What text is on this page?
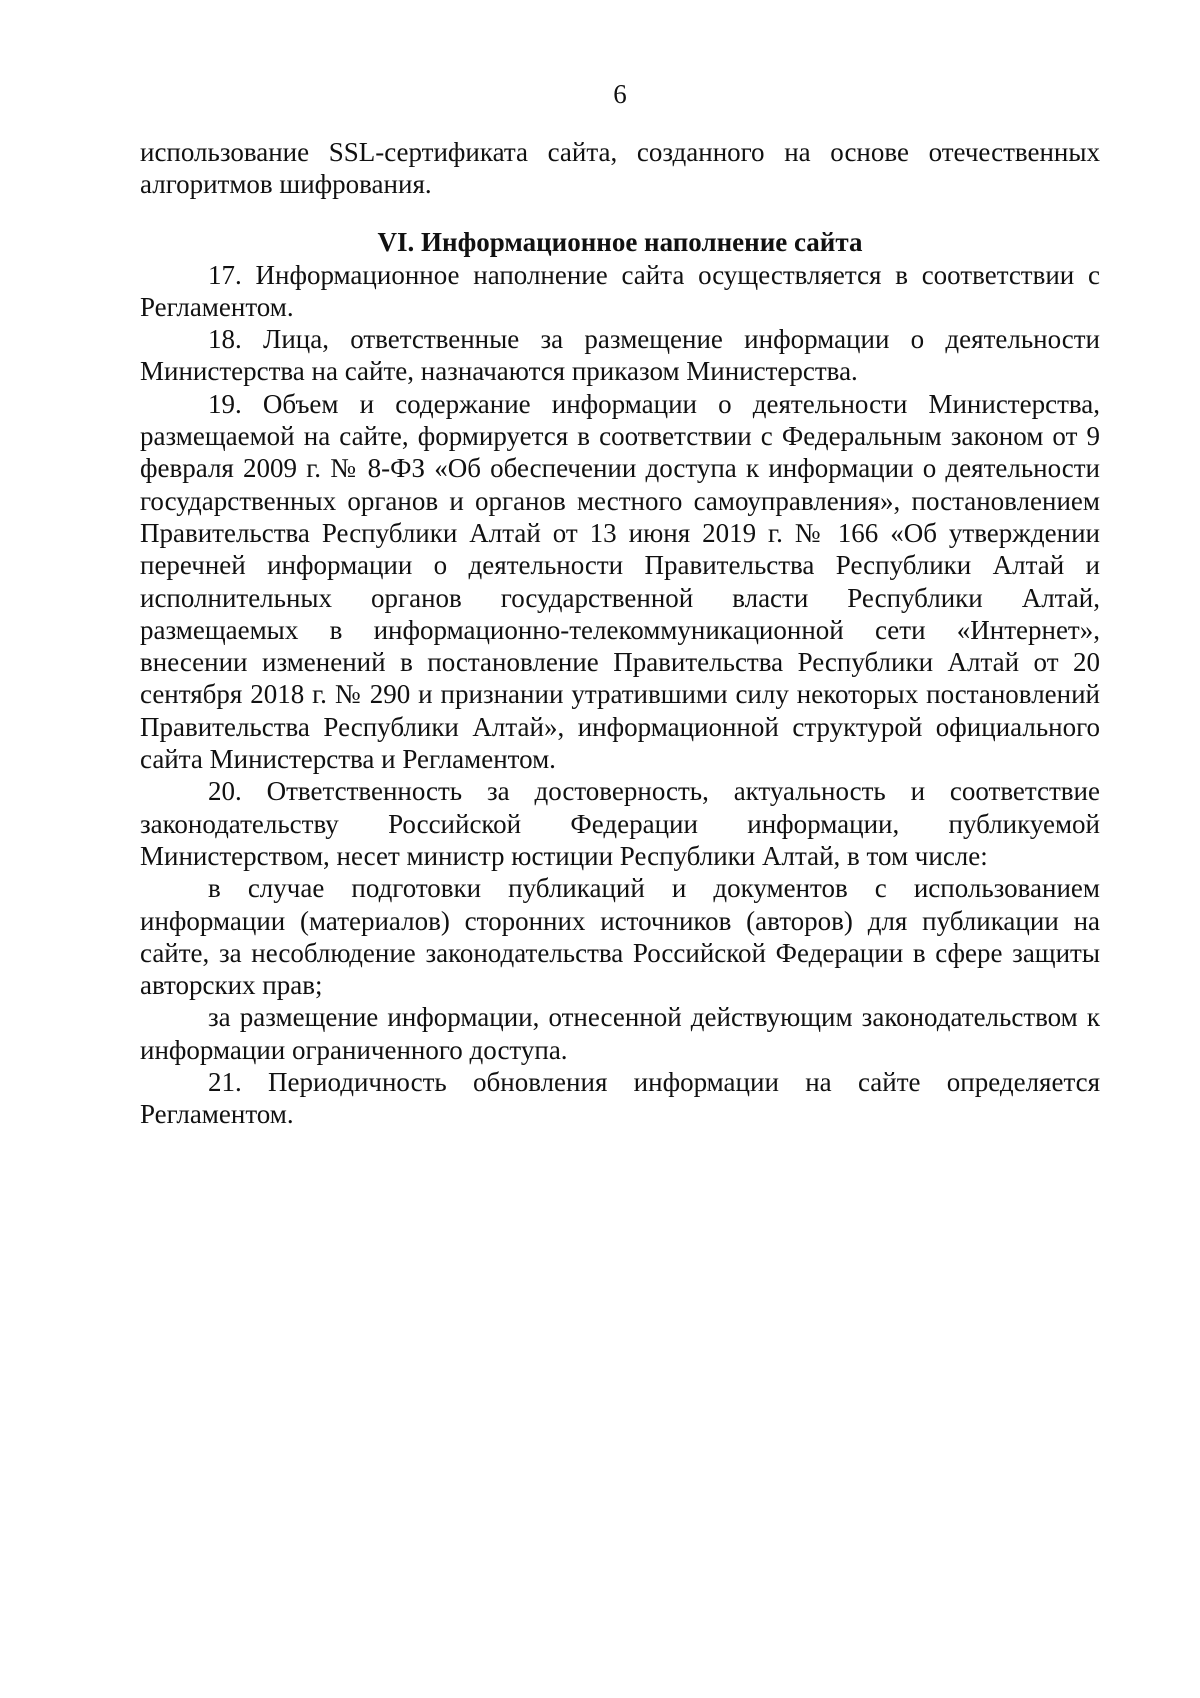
6

использование SSL-сертификата сайта, созданного на основе отечественных алгоритмов шифрования.

VI. Информационное наполнение сайта

17. Информационное наполнение сайта осуществляется в соответствии с Регламентом.

18. Лица, ответственные за размещение информации о деятельности Министерства на сайте, назначаются приказом Министерства.

19. Объем и содержание информации о деятельности Министерства, размещаемой на сайте, формируется в соответствии с Федеральным законом от 9 февраля 2009 г. № 8-ФЗ «Об обеспечении доступа к информации о деятельности государственных органов и органов местного самоуправления», постановлением Правительства Республики Алтай от 13 июня 2019 г. № 166 «Об утверждении перечней информации о деятельности Правительства Республики Алтай и исполнительных органов государственной власти Республики Алтай, размещаемых в информационно-телекоммуникационной сети «Интернет», внесении изменений в постановление Правительства Республики Алтай от 20 сентября 2018 г. № 290 и признании утратившими силу некоторых постановлений Правительства Республики Алтай», информационной структурой официального сайта Министерства и Регламентом.

20. Ответственность за достоверность, актуальность и соответствие законодательству Российской Федерации информации, публикуемой Министерством, несет министр юстиции Республики Алтай, в том числе:

в случае подготовки публикаций и документов с использованием информации (материалов) сторонних источников (авторов) для публикации на сайте, за несоблюдение законодательства Российской Федерации в сфере защиты авторских прав;

за размещение информации, отнесенной действующим законодательством к информации ограниченного доступа.

21. Периодичность обновления информации на сайте определяется Регламентом.
